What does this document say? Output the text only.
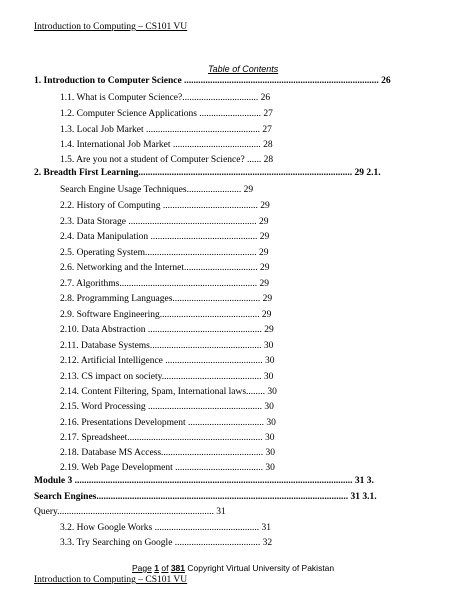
Introduction to Computing – CS101 VU
Table of Contents
1. Introduction to Computer Science .................................................................................. 26
1.1. What is Computer Science?................................ 26
1.2. Computer Science Applications .......................... 27
1.3. Local Job Market ................................................ 27
1.4. International Job Market ..................................... 28
1.5. Are you not a student of Computer Science? ...... 28
2. Breadth First Learning.......................................................................................... 29 2.1.
Search Engine Usage Techniques....................... 29
2.2. History of Computing ........................................ 29
2.3. Data Storage ...................................................... 29
2.4. Data Manipulation ............................................. 29
2.5. Operating System............................................... 29
2.6. Networking and the Internet............................... 29
2.7. Algorithms.......................................................... 29
2.8. Programming Languages..................................... 29
2.9. Software Engineering.......................................... 29
2.10. Data Abstraction ................................................ 29
2.11. Database Systems............................................... 30
2.12. Artificial Intelligence ......................................... 30
2.13. CS impact on society.......................................... 30
2.14. Content Filtering, Spam, International laws........ 30
2.15. Word Processing ................................................ 30
2.16. Presentations Development ................................ 30
2.17. Spreadsheet......................................................... 30
2.18. Database MS Access........................................... 30
2.19. Web Page Development ..................................... 30
Module 3 ..................................................................................................................... 31 3.
Search Engines.......................................................................................................... 31 3.1.
Query.................................................................. 31
3.2. How Google Works ............................................ 31
3.3. Try Searching on Google .................................... 32
Page 1 of 381 Copyright Virtual University of Pakistan
Introduction to Computing – CS101 VU
